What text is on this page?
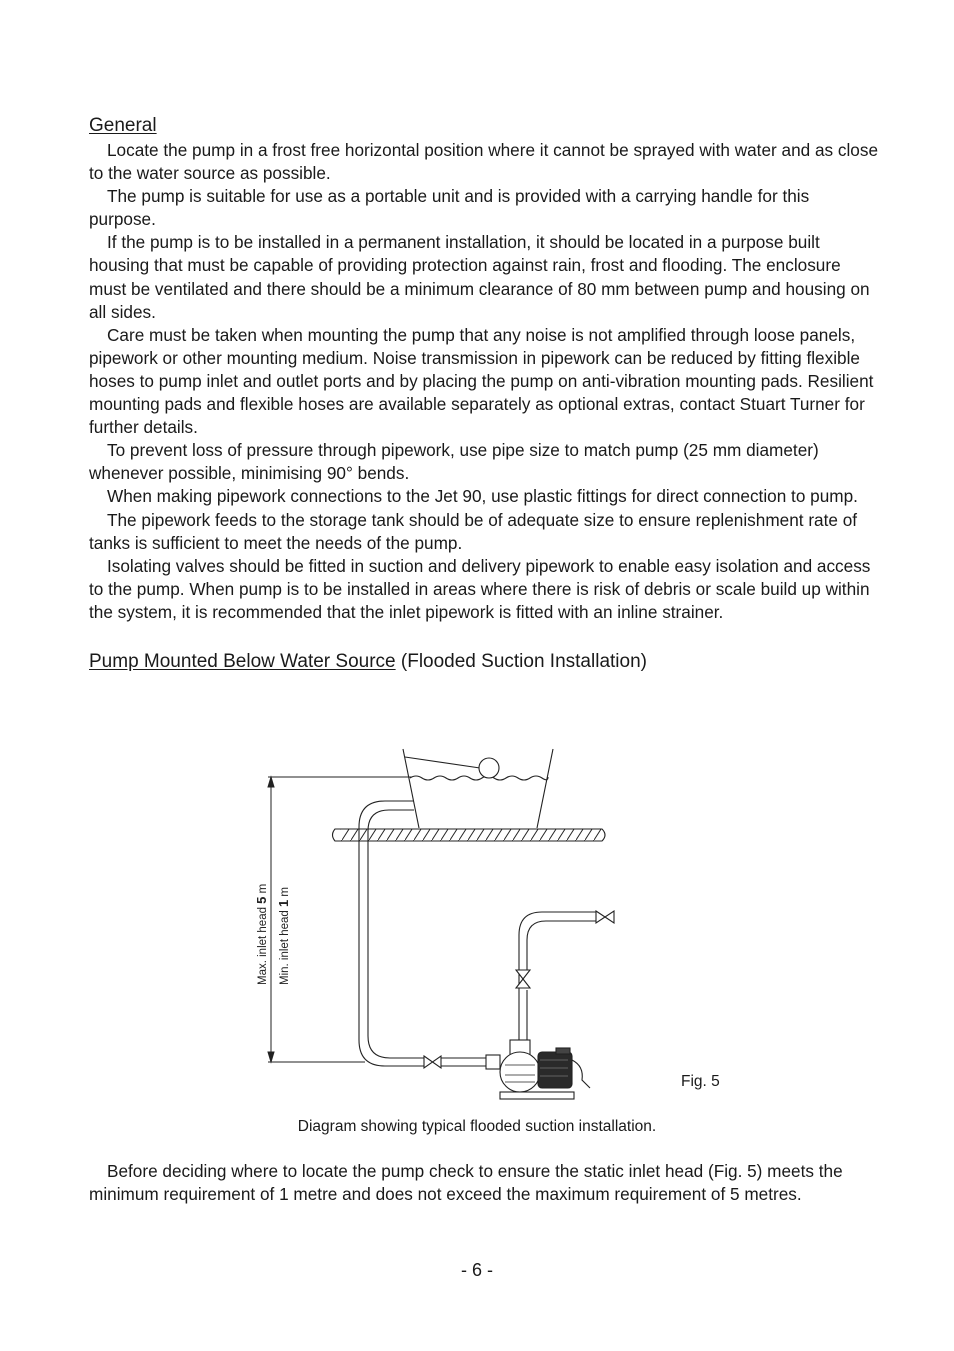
General

Locate the pump in a frost free horizontal position where it cannot be sprayed with water and as close to the water source as possible.

The pump is suitable for use as a portable unit and is provided with a carrying handle for this purpose.

If the pump is to be installed in a permanent installation, it should be located in a purpose built housing that must be capable of providing protection against rain, frost and flooding. The enclosure must be ventilated and there should be a minimum clearance of 80 mm between pump and housing on all sides.

Care must be taken when mounting the pump that any noise is not amplified through loose panels, pipework or other mounting medium. Noise transmission in pipework can be reduced by fitting flexible hoses to pump inlet and outlet ports and by placing the pump on anti-vibration mounting pads. Resilient mounting pads and flexible hoses are available separately as optional extras, contact Stuart Turner for further details.

To prevent loss of pressure through pipework, use pipe size to match pump (25 mm diameter) whenever possible, minimising 90° bends.

When making pipework connections to the Jet 90, use plastic fittings for direct connection to pump.

The pipework feeds to the storage tank should be of adequate size to ensure replenishment rate of tanks is sufficient to meet the needs of the pump.

Isolating valves should be fitted in suction and delivery pipework to enable easy isolation and access to the pump. When pump is to be installed in areas where there is risk of debris or scale build up within the system, it is recommended that the inlet pipework is fitted with an inline strainer.

Pump Mounted Below Water Source (Flooded Suction Installation)

Max. inlet head 5 m
Min. inlet head 1 m
Fig. 5
Diagram showing typical flooded suction installation.

Before deciding where to locate the pump check to ensure the static inlet head (Fig. 5) meets the minimum requirement of 1 metre and does not exceed the maximum requirement of 5 metres.

- 6 -
